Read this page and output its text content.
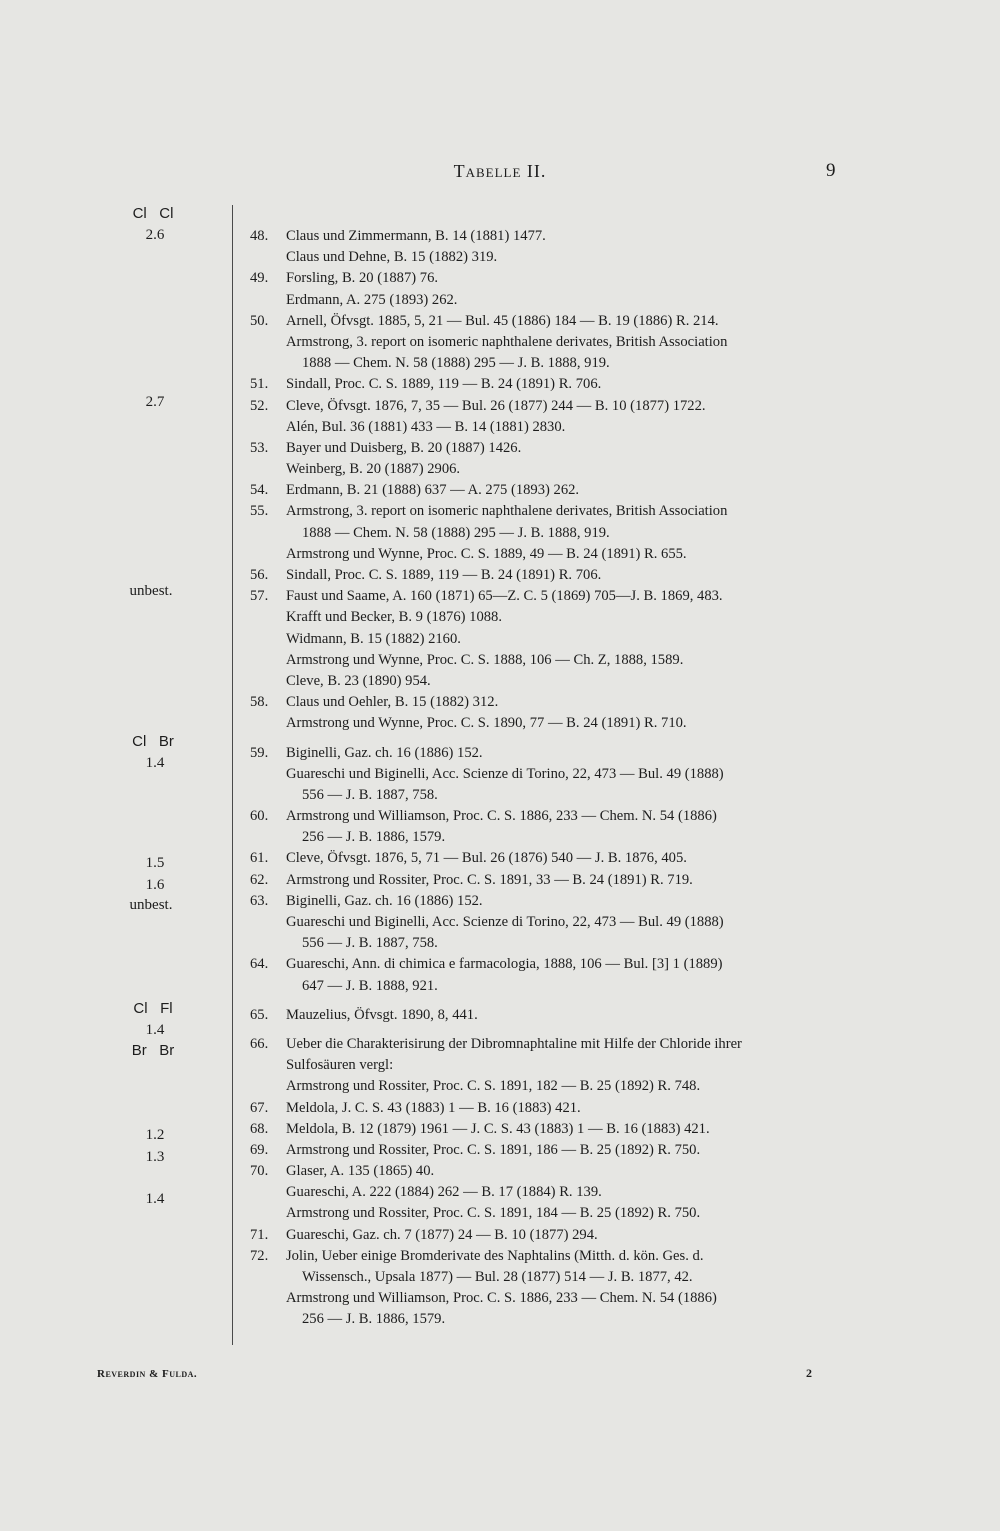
Tabelle II.	9
Cl   Cl
2.6
2.7
unbest.
Cl   Br
1.4
1.5
1.6
unbest.
Cl   Fl
1.4
Br   Br
1.2
1.3
1.4
48. Claus und Zimmermann, B. 14 (1881) 1477.
Claus und Dehne, B. 15 (1882) 319.
49. Forsling, B. 20 (1887) 76.
Erdmann, A. 275 (1893) 262.
50. Arnell, Öfvsgt. 1885, 5, 21 — Bul. 45 (1886) 184 — B. 19 (1886) R. 214.
Armstrong, 3. report on isomeric naphthalene derivates, British Association
1888 — Chem. N. 58 (1888) 295 — J. B. 1888, 919.
51. Sindall, Proc. C. S. 1889, 119 — B. 24 (1891) R. 706.
52. Cleve, Öfvsgt. 1876, 7, 35 — Bul. 26 (1877) 244 — B. 10 (1877) 1722.
Alén, Bul. 36 (1881) 433 — B. 14 (1881) 2830.
53. Bayer und Duisberg, B. 20 (1887) 1426.
Weinberg, B. 20 (1887) 2906.
54. Erdmann, B. 21 (1888) 637 — A. 275 (1893) 262.
55. Armstrong, 3. report on isomeric naphthalene derivates, British Association
1888 — Chem. N. 58 (1888) 295 — J. B. 1888, 919.
Armstrong und Wynne, Proc. C. S. 1889, 49 — B. 24 (1891) R. 655.
56. Sindall, Proc. C. S. 1889, 119 — B. 24 (1891) R. 706.
57. Faust und Saame, A. 160 (1871) 65—Z. C. 5 (1869) 705—J. B. 1869, 483.
Krafft und Becker, B. 9 (1876) 1088.
Widmann, B. 15 (1882) 2160.
Armstrong und Wynne, Proc. C. S. 1888, 106 — Ch. Z, 1888, 1589.
Cleve, B. 23 (1890) 954.
58. Claus und Oehler, B. 15 (1882) 312.
Armstrong und Wynne, Proc. C. S. 1890, 77 — B. 24 (1891) R. 710.
59. Biginelli, Gaz. ch. 16 (1886) 152.
Guareschi und Biginelli, Acc. Scienze di Torino, 22, 473 — Bul. 49 (1888)
556 — J. B. 1887, 758.
60. Armstrong und Williamson, Proc. C. S. 1886, 233 — Chem. N. 54 (1886)
256 — J. B. 1886, 1579.
61. Cleve, Öfvsgt. 1876, 5, 71 — Bul. 26 (1876) 540 — J. B. 1876, 405.
62. Armstrong und Rossiter, Proc. C. S. 1891, 33 — B. 24 (1891) R. 719.
63. Biginelli, Gaz. ch. 16 (1886) 152.
Guareschi und Biginelli, Acc. Scienze di Torino, 22, 473 — Bul. 49 (1888)
556 — J. B. 1887, 758.
64. Guareschi, Ann. di chimica e farmacologia, 1888, 106 — Bul. [3] 1 (1889)
647 — J. B. 1888, 921.
65. Mauzelius, Öfvsgt. 1890, 8, 441.
66. Ueber die Charakterisirung der Dibromnaphtaline mit Hilfe der Chloride ihrer
Sulfosäuren vergl:
Armstrong und Rossiter, Proc. C. S. 1891, 182 — B. 25 (1892) R. 748.
67. Meldola, J. C. S. 43 (1883) 1 — B. 16 (1883) 421.
68. Meldola, B. 12 (1879) 1961 — J. C. S. 43 (1883) 1 — B. 16 (1883) 421.
69. Armstrong und Rossiter, Proc. C. S. 1891, 186 — B. 25 (1892) R. 750.
70. Glaser, A. 135 (1865) 40.
Guareschi, A. 222 (1884) 262 — B. 17 (1884) R. 139.
Armstrong und Rossiter, Proc. C. S. 1891, 184 — B. 25 (1892) R. 750.
71. Guareschi, Gaz. ch. 7 (1877) 24 — B. 10 (1877) 294.
72. Jolin, Ueber einige Bromderivate des Naphtalins (Mitth. d. kön. Ges. d.
Wissensch., Upsala 1877) — Bul. 28 (1877) 514 — J. B. 1877, 42.
Armstrong und Williamson, Proc. C. S. 1886, 233 — Chem. N. 54 (1886)
256 — J. B. 1886, 1579.
Reverdin & Fulda.	2
